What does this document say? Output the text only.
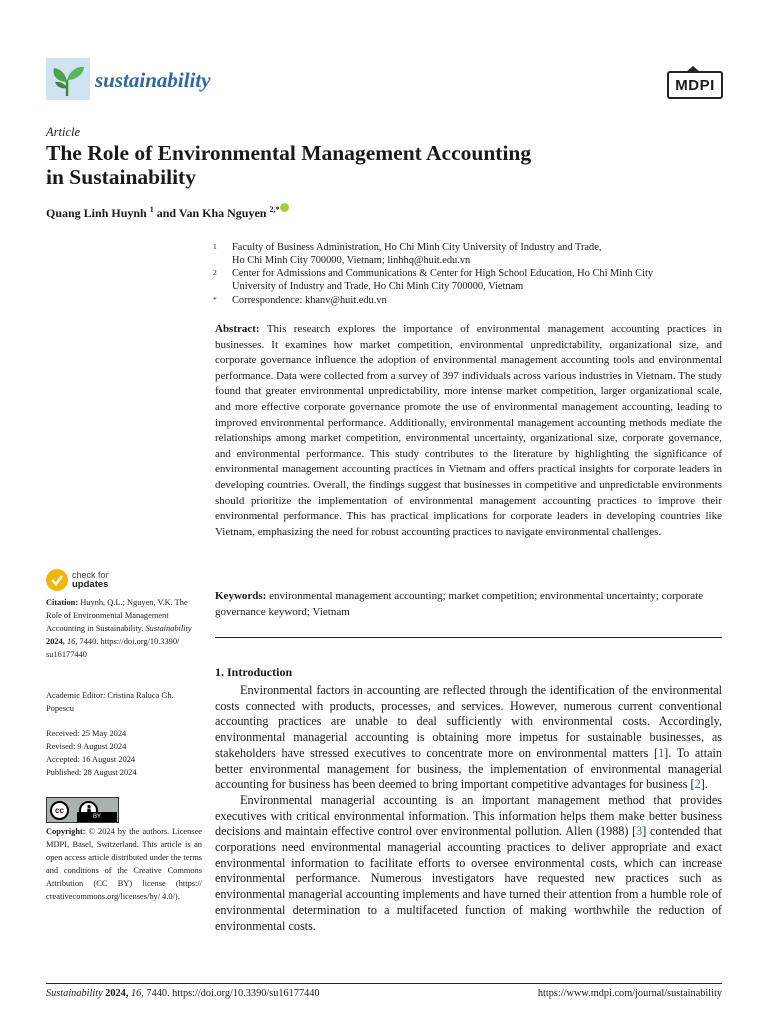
sustainability	MDPI
Article
The Role of Environmental Management Accounting
in Sustainability
Quang Linh Huynh $^1$ and Van Kha Nguyen $^{2,*}$
1 Faculty of Business Administration, Ho Chi Minh City University of Industry and Trade,
Ho Chi Minh City 700000, Vietnam; linhhq@huit.edu.vn
2 Center for Admissions and Communications & Center for High School Education, Ho Chi Minh City
University of Industry and Trade, Ho Chi Minh City 700000, Vietnam
* Correspondence: khanv@huit.edu.vn
Abstract: This research explores the importance of environmental management accounting practices in businesses. It examines how market competition, environmental unpredictability, organizational size, and corporate governance influence the adoption of environmental management accounting tools and environmental performance. Data were collected from a survey of 397 individuals across various industries in Vietnam. The study found that greater environmental unpredictability, more intense market competition, larger organizational scale, and more effective corporate governance promote the use of environmental management accounting, leading to improved environmental performance. Additionally, environmental management accounting methods mediate the relationships among market competition, environmental uncertainty, organizational size, corporate governance, and environmental performance. This study contributes to the literature by highlighting the significance of environmental management accounting practices in Vietnam and offers practical insights for corporate leaders in developing countries. Overall, the findings suggest that businesses in competitive and unpredictable environments should prioritize the implementation of environmental management accounting practices to improve their environmental performance. This has practical implications for corporate leaders in developing countries like Vietnam, emphasizing the need for robust accounting practices to navigate environmental challenges.
Keywords: environmental management accounting; market competition; environmental uncertainty; corporate governance keyword; Vietnam
1. Introduction

Environmental factors in accounting are reflected through the identification of the environmental costs connected with products, processes, and services. However, numerous current conventional accounting practices are unable to deal sufficiently with environmental costs. Accordingly, environmental managerial accounting is obtaining more impetus for sustainable businesses, as stakeholders have stressed executives to concentrate more on environmental matters [1]. To attain better environmental management for business, the implementation of environmental managerial accounting for business has been deemed to bring important competitive advantages for business [2].

Environmental managerial accounting is an important management method that provides executives with critical environmental information. This information helps them make better business decisions and maintain effective control over environmental pollution. Allen (1988) [3] contended that corporations need environmental managerial accounting practices to deliver appropriate and exact environmental information to facilitate efforts to oversee environmental costs, which can increase environmental performance. Numerous investigators have requested new practices such as environmental managerial accounting implements and have turned their attention from a humble role of environmental determination to a multifaceted function of making worthwhile the reduction of environmental costs.

check for
updates
Citation: Huynh, Q.L.; Nguyen, V.K. The Role of Environmental Management Accounting in Sustainability. Sustainability 2024, 16, 7440. https://doi.org/10.3390/ su16177440
Academic Editor: Cristina Raluca Gh. Popescu
Received: 25 May 2024
Revised: 9 August 2024
Accepted: 16 August 2024
Published: 28 August 2024
cc
BY
Copyright: © 2024 by the authors. Licensee MDPI, Basel, Switzerland. This article is an open access article distributed under the terms and conditions of the Creative Commons Attribution (CC BY) license (https:// creativecommons.org/licenses/by/ 4.0/).
Sustainability 2024, 16, 7440. https://doi.org/10.3390/su16177440	https://www.mdpi.com/journal/sustainability
